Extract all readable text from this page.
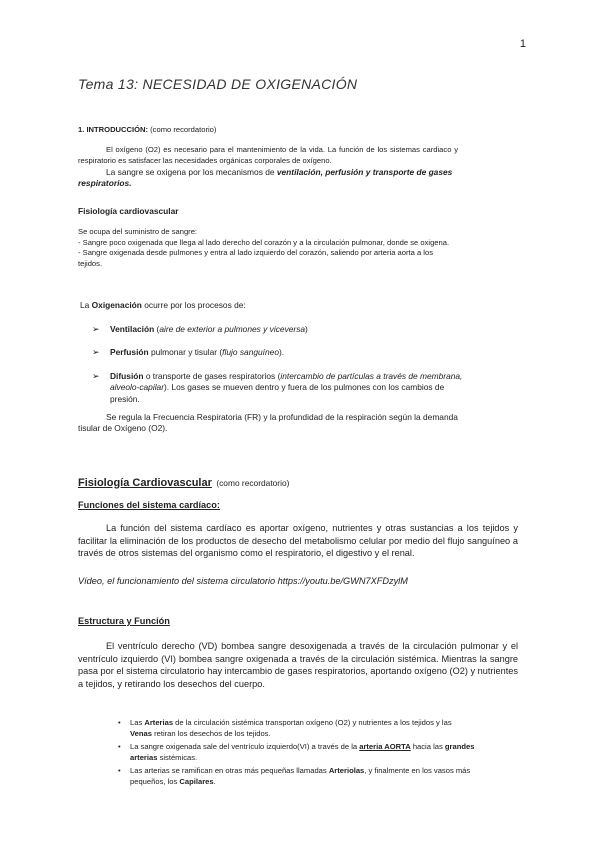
1
Tema 13: NECESIDAD DE OXIGENACIÓN
1. INTRODUCCIÓN: (como recordatorio)

El oxígeno (O2) es necesario para el mantenimiento de la vida. La función de los sistemas cardiaco y respiratorio es satisfacer las necesidades orgánicas corporales de oxígeno.

La sangre se oxigena por los mecanismos de ventilación, perfusión y transporte de gases respiratorios.

Fisiología cardiovascular

Se ocupa del suministro de sangre:

- Sangre poco oxigenada que llega al lado derecho del corazón y a la circulación pulmonar, donde se oxigena.

- Sangre oxigenada desde pulmones y entra al lado izquierdo del corazón, saliendo por arteria aorta a los tejidos.

La Oxigenación ocurre por los procesos de:

➢ Ventilación (aire de exterior a pulmones y viceversa)
➢ Perfusión pulmonar y tisular (flujo sanguíneo).
➢ Difusión o transporte de gases respiratorios (intercambio de partículas a través de membrana, alveolo-capilar). Los gases se mueven dentro y fuera de los pulmones con los cambios de presión.

Se regula la Frecuencia Respiratoria (FR) y la profundidad de la respiración según la demanda tisular de Oxígeno (O2).

Fisiología Cardiovascular (como recordatorio)
Funciones del sistema cardíaco:

La función del sistema cardíaco es aportar oxígeno, nutrientes y otras sustancias a los tejidos y facilitar la eliminación de los productos de desecho del metabolismo celular por medio del flujo sanguíneo a través de otros sistemas del organismo como el respiratorio, el digestivo y el renal.

Vídeo, el funcionamiento del sistema circulatorio https://youtu.be/GWN7XFDzylM

Estructura y Función

El ventrículo derecho (VD) bombea sangre desoxigenada a través de la circulación pulmonar y el ventrículo izquierdo (VI) bombea sangre oxigenada a través de la circulación sistémica. Mientras la sangre pasa por el sistema circulatorio hay intercambio de gases respiratorios, aportando oxígeno (O2) y nutrientes a tejidos, y retirando los desechos del cuerpo.

• Las Arterias de la circulación sistémica transportan oxígeno (O2) y nutrientes a los tejidos y las Venas retiran los desechos de los tejidos.
• La sangre oxigenada sale del ventrículo izquierdo(VI) a través de la arteria AORTA hacia las grandes arterias sistémicas.
• Las arterias se ramifican en otras más pequeñas llamadas Arteriolas, y finalmente en los vasos más pequeños, los Capilares.
